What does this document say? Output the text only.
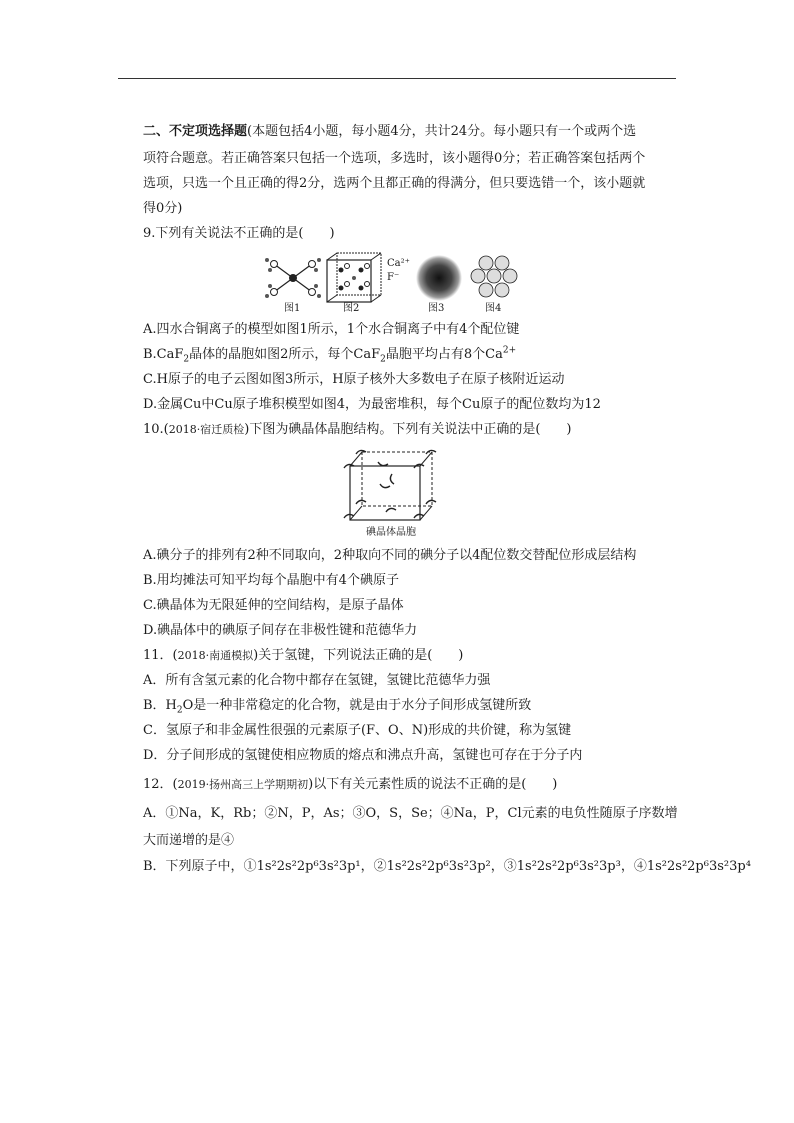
二、不定项选择题(本题包括4小题，每小题4分，共计24分。每小题只有一个或两个选
项符合题意。若正确答案只包括一个选项，多选时，该小题得0分；若正确答案包括两个
选项，只选一个且正确的得2分，选两个且都正确的得满分，但只要选错一个，该小题就
得0分)
9.下列有关说法不正确的是(　　)
图1
Ca²⁺
F⁻
图2	图3	图4
A.四水合铜离子的模型如图1所示，1个水合铜离子中有4个配位键
B.CaF$_2$晶体的晶胞如图2所示，每个CaF$_2$晶胞平均占有8个$Ca^{2+}$
C.H原子的电子云图如图3所示，H原子核外大多数电子在原子核附近运动
D.金属Cu中Cu原子堆积模型如图4，为最密堆积，每个Cu原子的配位数均为12
10.(2018·宿迁质检)下图为碘晶体晶胞结构。下列有关说法中正确的是(　　)
碘晶体晶胞
A.碘分子的排列有2种不同取向，2种取向不同的碘分子以4配位数交替配位形成层结构
B.用均摊法可知平均每个晶胞中有4个碘原子
C.碘晶体为无限延伸的空间结构，是原子晶体
D.碘晶体中的碘原子间存在非极性键和范德华力
11．(2018·南通模拟)关于氢键，下列说法正确的是(　　)
A．所有含氢元素的化合物中都存在氢键，氢键比范德华力强
B．$H_2O$是一种非常稳定的化合物，就是由于水分子间形成氢键所致
C．氢原子和非金属性很强的元素原子(F、O、N)形成的共价键，称为氢键
D．分子间形成的氢键使相应物质的熔点和沸点升高，氢键也可存在于分子内
12．(2019·扬州高三上学期期初)以下有关元素性质的说法不正确的是(　　)
A．①Na，K，Rb；②N，P，As；③O，S，Se；④Na，P，Cl元素的电负性随原子序数增
大而递增的是④
B．下列原子中，①1s²2s²2p⁶3s²3p¹，②1s²2s²2p⁶3s²3p²，③1s²2s²2p⁶3s²3p³，④1s²2s²2p⁶3s²3p⁴
